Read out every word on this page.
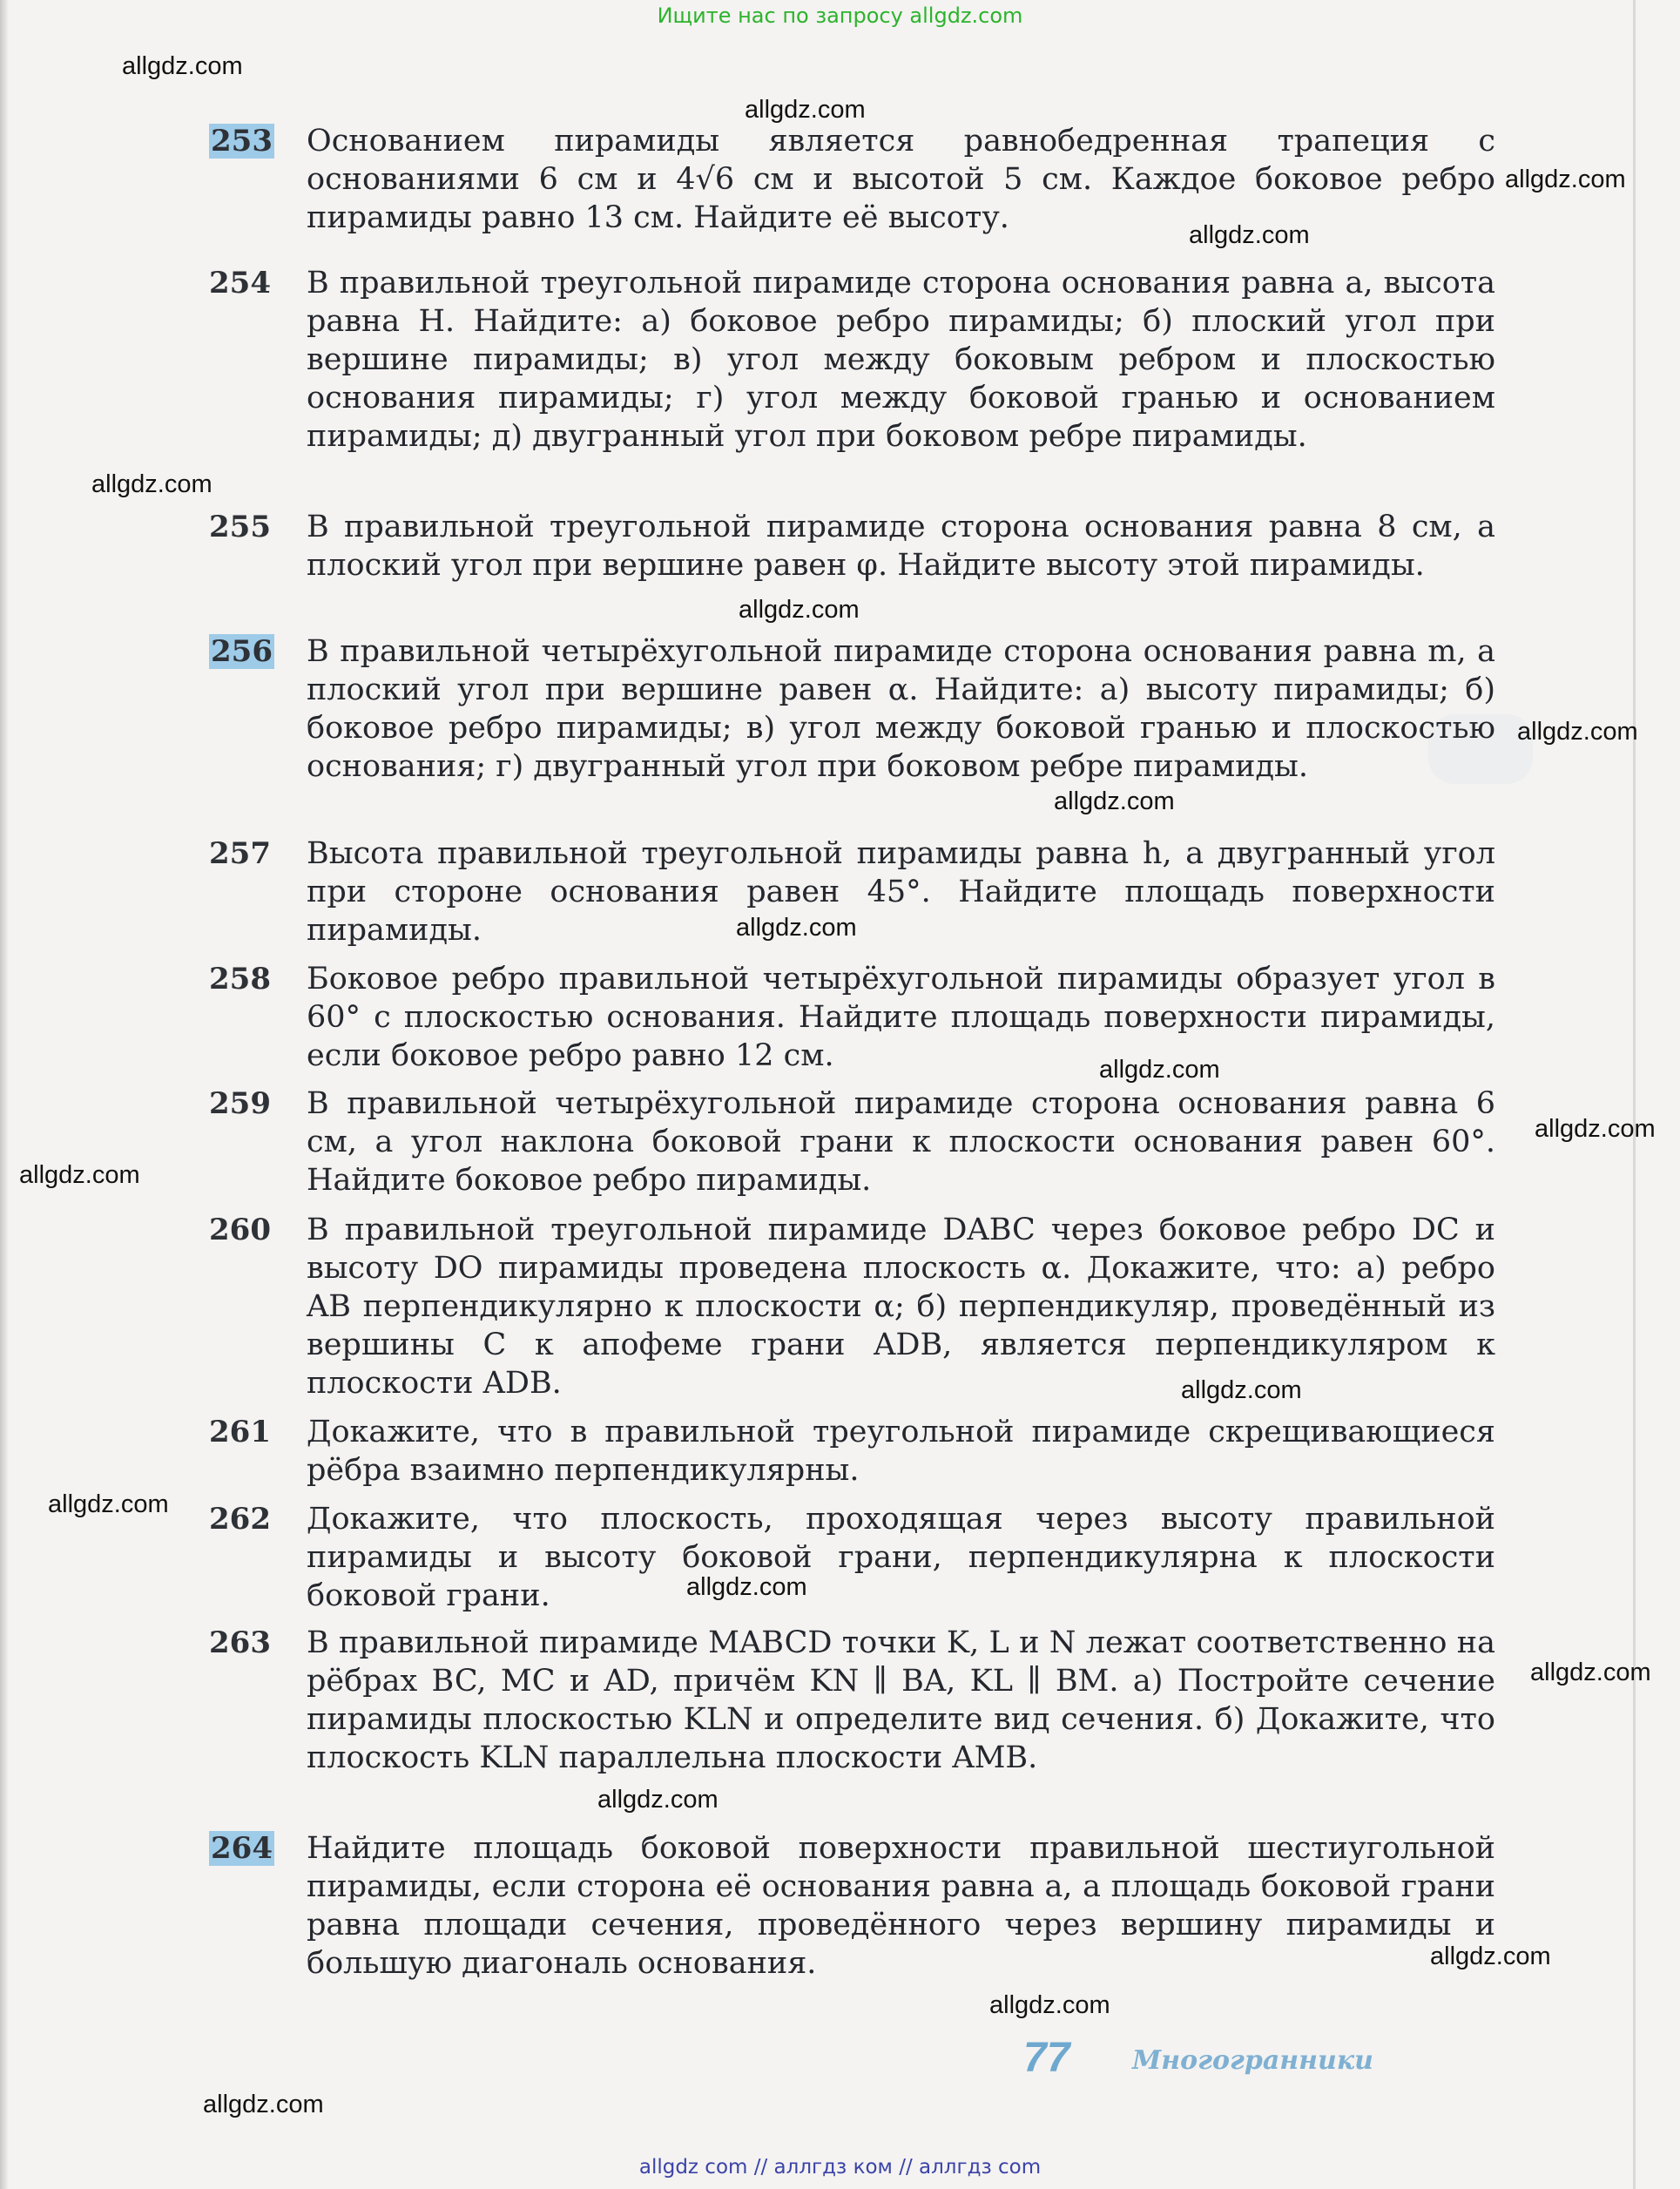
Ищите нас по запросу allgdz.com
allgdz.com
allgdz.com
allgdz.com
allgdz.com
allgdz.com
allgdz.com
allgdz.com
allgdz.com
allgdz.com
allgdz.com
allgdz.com
allgdz.com
allgdz.com
allgdz.com
allgdz.com
allgdz.com
allgdz.com
allgdz.com
allgdz.com
allgdz.com
253 Основанием пирамиды является равнобедренная трапеция с основаниями 6 см и 4√6 см и высотой 5 см. Каждое боковое ребро пирамиды равно 13 см. Найдите её высоту.
254	В правильной треугольной пирамиде сторона основания равна a, высота равна H. Найдите: а) боковое ребро пирамиды; б) плоский угол при вершине пирамиды; в) угол между боковым ребром и плоскостью основания пирамиды; г) угол между боковой гранью и основанием пирамиды; д) двугранный угол при боковом ребре пирамиды.
255	В правильной треугольной пирамиде сторона основания равна 8 см, а плоский угол при вершине равен φ. Найдите высоту этой пирамиды.
256 В правильной четырёхугольной пирамиде сторона основания равна m, а плоский угол при вершине равен α. Найдите: а) высоту пирамиды; б) боковое ребро пирамиды; в) угол между боковой гранью и плоскостью основания; г) двугранный угол при боковом ребре пирамиды.
257	Высота правильной треугольной пирамиды равна h, а двугранный угол при стороне основания равен 45°. Найдите площадь поверхности пирамиды.
258	Боковое ребро правильной четырёхугольной пирамиды образует угол в 60° с плоскостью основания. Найдите площадь поверхности пирамиды, если боковое ребро равно 12 см.
259	В правильной четырёхугольной пирамиде сторона основания равна 6 см, а угол наклона боковой грани к плоскости основания равен 60°. Найдите боковое ребро пирамиды.
260	В правильной треугольной пирамиде DABC через боковое ребро DC и высоту DO пирамиды проведена плоскость α. Докажите, что: а) ребро AB перпендикулярно к плоскости α; б) перпендикуляр, проведённый из вершины C к апофеме грани ADB, является перпендикуляром к плоскости ADB.
261	Докажите, что в правильной треугольной пирамиде скрещивающиеся рёбра взаимно перпендикулярны.
262	Докажите, что плоскость, проходящая через высоту правильной пирамиды и высоту боковой грани, перпендикулярна к плоскости боковой грани.
263	В правильной пирамиде MABCD точки K, L и N лежат соответственно на рёбрах BC, MC и AD, причём KN ∥ BA, KL ∥ BM. а) Постройте сечение пирамиды плоскостью KLN и определите вид сечения. б) Докажите, что плоскость KLN параллельна плоскости AMB.
264 Найдите площадь боковой поверхности правильной шестиугольной пирамиды, если сторона её основания равна a, а площадь боковой грани равна площади сечения, проведённого через вершину пирамиды и большую диагональ основания.
77 Многогранники
allgdz com // аллгдз ком // аллгдз com
